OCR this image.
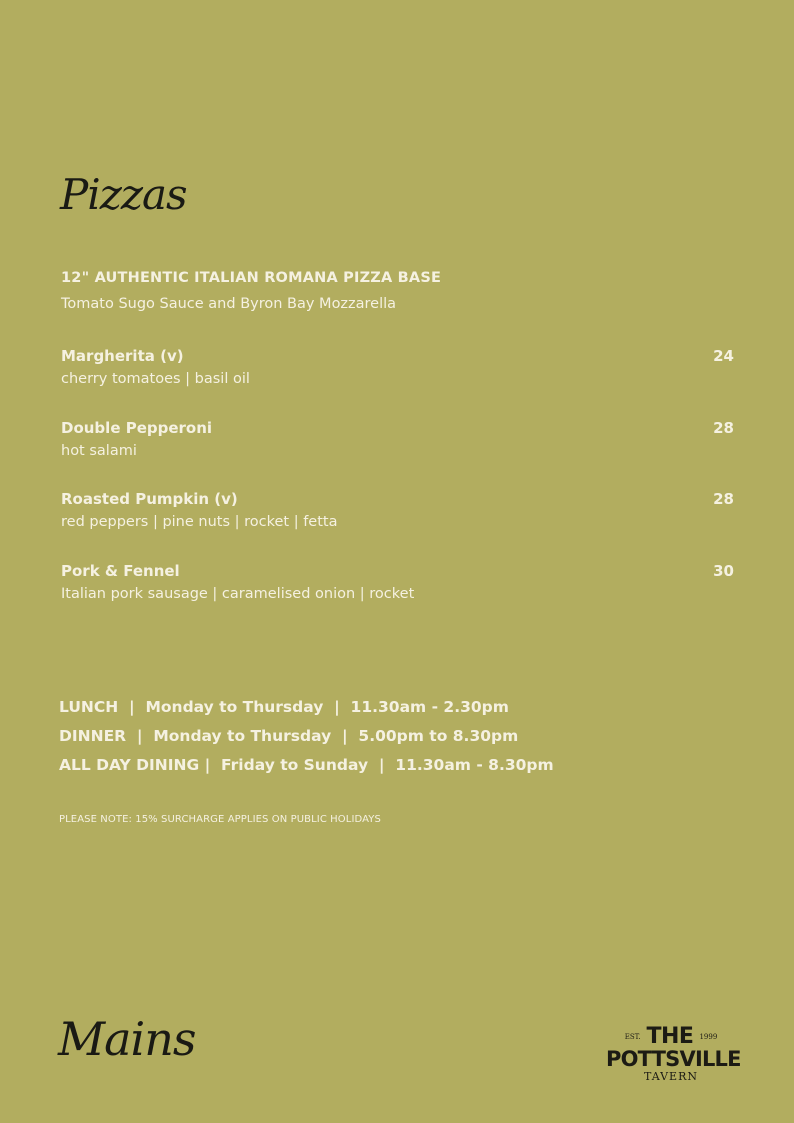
Pizzas
12" AUTHENTIC ITALIAN ROMANA PIZZA BASE
Tomato Sugo Sauce and Byron Bay Mozzarella
Margherita (v)	24
cherry tomatoes | basil oil
Double Pepperoni	28
hot salami
Roasted Pumpkin (v)	28
red peppers | pine nuts | rocket | fetta
Pork & Fennel	30
Italian pork sausage | caramelised onion | rocket
LUNCH  |  Monday to Thursday  |  11.30am - 2.30pm
DINNER  |  Monday to Thursday  |  5.00pm to 8.30pm
ALL DAY DINING |  Friday to Sunday  |  11.30am - 8.30pm
PLEASE NOTE: 15% SURCHARGE APPLIES ON PUBLIC HOLIDAYS
Mains	EST. THE 1999
POTTSVILLE
TAVERN
